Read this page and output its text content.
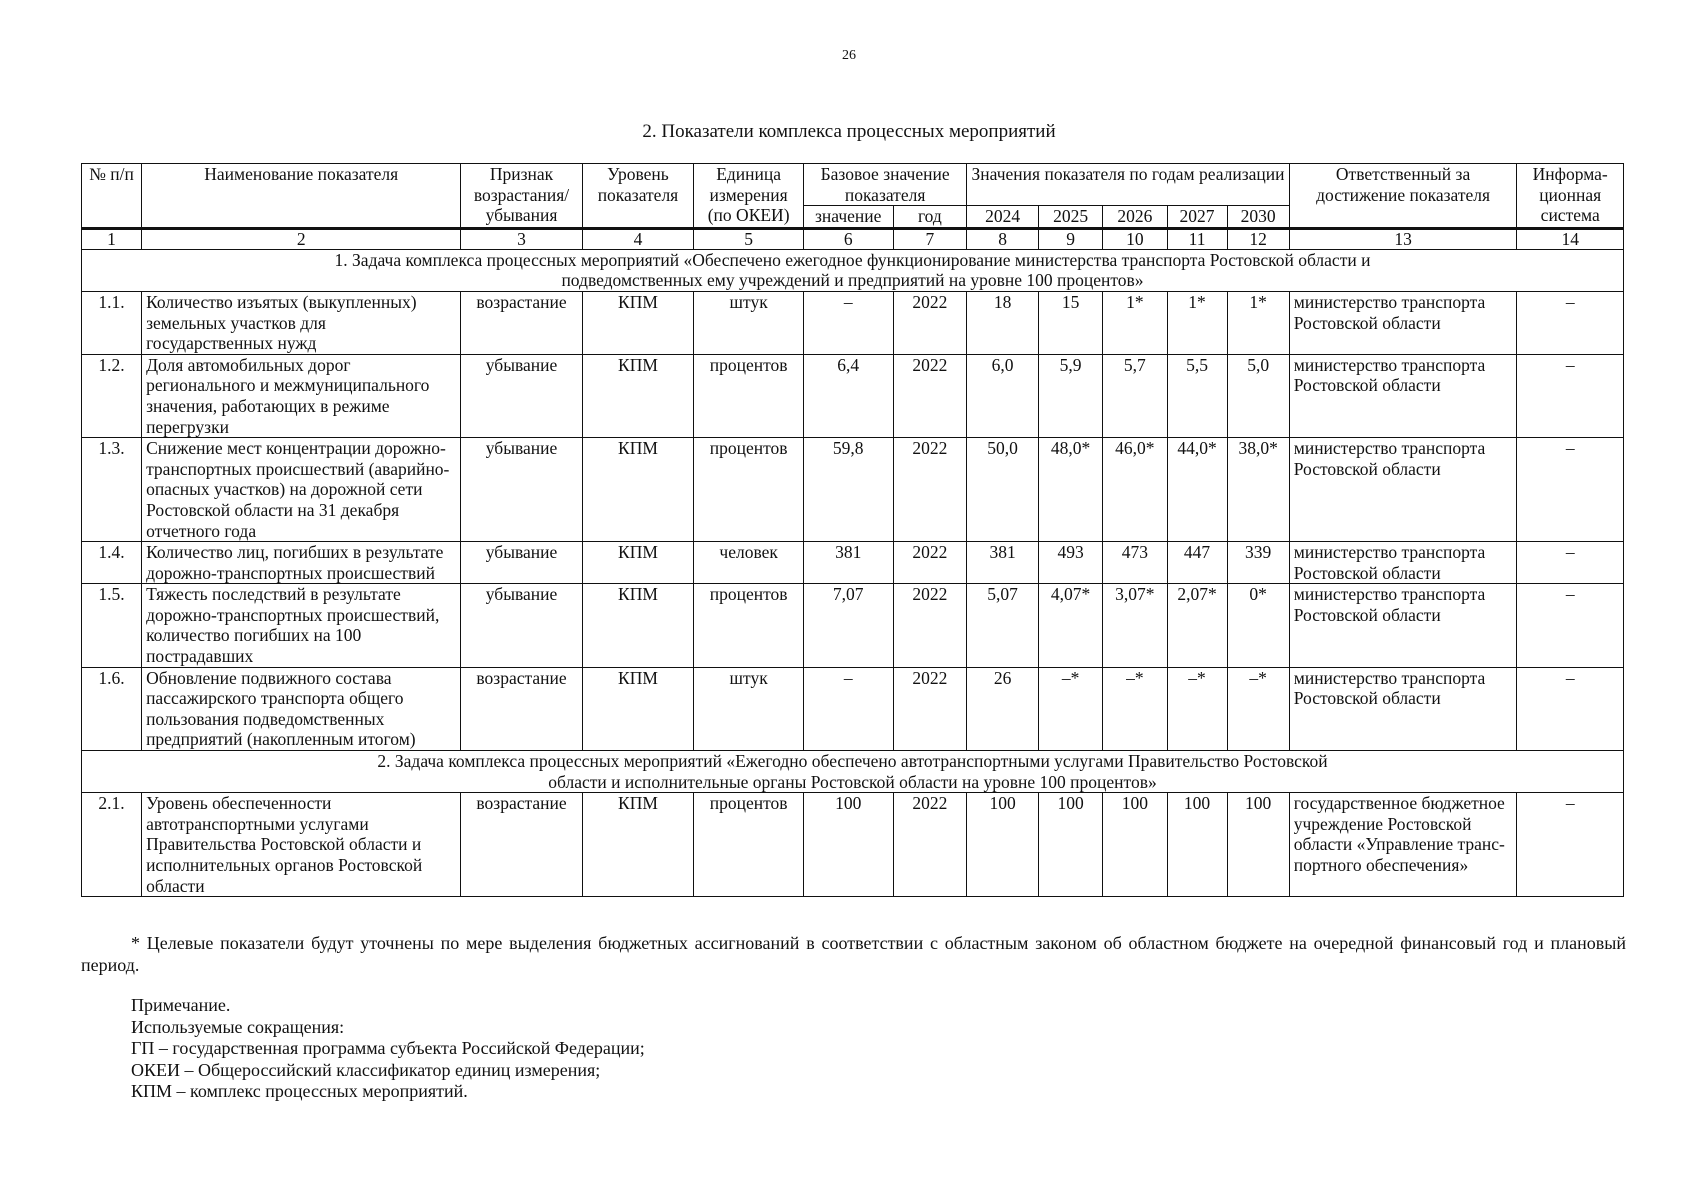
26
2. Показатели комплекса процессных мероприятий
№ п/п	Наименование показателя	Признак возрастания/ убывания	Уровень показателя	Единица измерения (по ОКЕИ)	Базовое значение показателя		Значения показателя по годам реализации					Ответственный за достижение показателя	Информа-ционная система
					значение	год	2024	2025	2026	2027	2030		
1	2	3	4	5	6	7	8	9	10	11	12	13	14
1. Задача комплекса процессных мероприятий «Обеспечено ежегодное функционирование министерства транспорта Ростовской области и подведомственных ему учреждений и предприятий на уровне 100 процентов»													
1.1.	Количество изъятых (выкупленных) земельных участков для государственных нужд	возрастание	КПМ	штук	–	2022	18	15	1*	1*	1*	министерство транспорта Ростовской области	–
1.2.	Доля автомобильных дорог регионального и межмуниципального значения, работающих в режиме перегрузки	убывание	КПМ	процентов	6,4	2022	6,0	5,9	5,7	5,5	5,0	министерство транспорта Ростовской области	–
1.3.	Снижение мест концентрации дорожно-транспортных происшествий (аварийно-опасных участков) на дорожной сети Ростовской области на 31 декабря отчетного года	убывание	КПМ	процентов	59,8	2022	50,0	48,0*	46,0*	44,0*	38,0*	министерство транспорта Ростовской области	–
1.4.	Количество лиц, погибших в результате дорожно-транспортных происшествий	убывание	КПМ	человек	381	2022	381	493	473	447	339	министерство транспорта Ростовской области	–
1.5.	Тяжесть последствий в результате дорожно-транспортных происшествий, количество погибших на 100 пострадавших	убывание	КПМ	процентов	7,07	2022	5,07	4,07*	3,07*	2,07*	0*	министерство транспорта Ростовской области	–
1.6.	Обновление подвижного состава пассажирского транспорта общего пользования подведомственных предприятий (накопленным итогом)	возрастание	КПМ	штук	–	2022	26	–*	–*	–*	–*	министерство транспорта Ростовской области	–
2. Задача комплекса процессных мероприятий «Ежегодно обеспечено автотранспортными услугами Правительство Ростовской области и исполнительные органы Ростовской области на уровне 100 процентов»													
2.1.	Уровень обеспеченности автотранспортными услугами Правительства Ростовской области и исполнительных органов Ростовской области	возрастание	КПМ	процентов	100	2022	100	100	100	100	100	государственное бюджетное учреждение Ростовской области «Управление транс-портного обеспечения»	–
* Целевые показатели будут уточнены по мере выделения бюджетных ассигнований в соответствии с областным законом об областном бюджете на очередной финансовый год и плановый период.
Примечание.
Используемые сокращения:
ГП – государственная программа субъекта Российской Федерации;
ОКЕИ – Общероссийский классификатор единиц измерения;
КПМ – комплекс процессных мероприятий.
